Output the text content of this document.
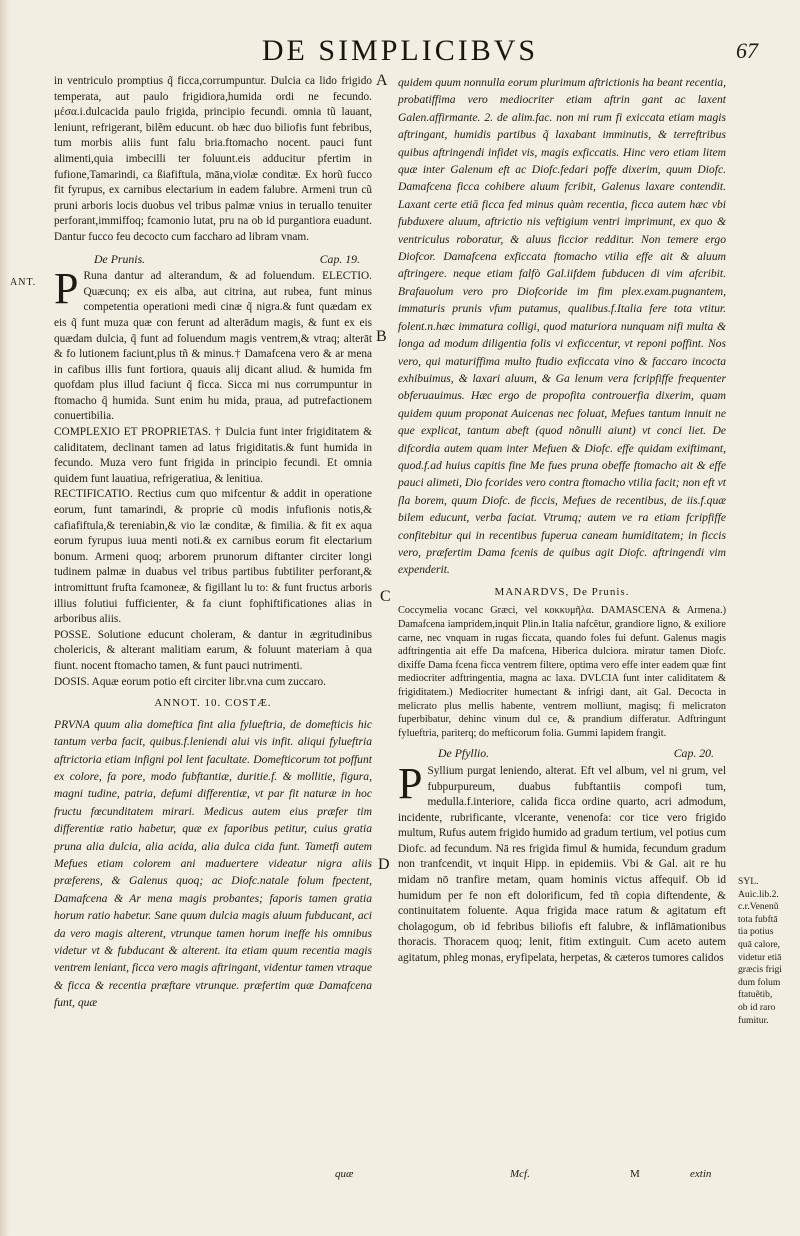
DE SIMPLICIBVS	67
ANT.
A
B
C
D

in ventriculo promptius q̃ ficca,corrumpuntur. Dulcia ca lido frigido temperata, aut paulo frigidiora,humida ordi ne fecundo. μέσα.i.dulcacida paulo frigida, principio fecundi. omnia tũ lauant, leniunt, refrigerant, bilẽm educunt. ob hæc duo biliofis funt febribus, tum morbis aliis funt falu bria.ftomacho nocent. pauci funt alimenti,quia imbecilli ter foluunt.eis adducitur pfertim in fufione,Tamarindi, ca ßiafiftula, māna,violæ conditæ. Ex horũ fucco fit fyrupus, ex carnibus electarium in eadem falubre. Armeni trun cũ pruni arboris locis duobus vel tribus palmæ vnius in teruallo tenuiter perforant,immiffoq; fcamonio lutat, pru na ob id purgantiora euadunt. Dantur fucco feu decocto cum faccharo ad libram vnam.

De Prunis.	Cap. 19.
P Runa dantur ad alterandum, & ad foluendum. ELECTIO. Quæcunq; ex eis alba, aut citrina, aut rubea, funt minus competentia operationi medi cinæ q̃ nigra.& funt quædam ex eis q̃ funt muza quæ con ferunt ad alterādum magis, & funt ex eis quædam dulcia, q̃ funt ad foluendum magis ventrem,& vtraq; alterāt & fo lutionem faciunt,plus tñ & minus.† Damafcena vero & ar mena in cafibus illis funt fortiora, quauis alĳ dicant aliud. & humida fm quofdam plus illud faciunt q̃ ficca. Sicca mi nus corrumpuntur in ftomacho q̃ humida. Sunt enim hu mida, praua, ad putrefactionem conuertibilia.

COMPLEXIO ET PROPRIETAS. † Dulcia funt inter frigiditatem & caliditatem, declinant tamen ad latus frigiditatis.& funt humida in fecundo. Muza vero funt frigida in principio fecundi. Et omnia quidem funt lauatiua, refrigeratiua, & lenitiua.

RECTIFICATIO. Rectius cum quo mifcentur & addit in operatione eorum, funt tamarindi, & proprie cũ modis infufionis notis,& cafiafiftula,& tereniabin,& vio læ conditæ, & fimilia. & fit ex aqua eorum fyrupus iuua menti noti.& ex carnibus eorum fit electarium bonum. Armeni quoq; arborem prunorum diftanter circiter longi tudinem palmæ in duabus vel tribus partibus fubtiliter perforant,& intromittunt frufta fcamoneæ, & figillant lu to: & funt fructus arboris illius folutiui fufficienter, & fa ciunt fophiftificationes alias in arboribus aliis.

POSSE. Solutione educunt choleram, & dantur in ægritudinibus cholericis, & alterant malitiam earum, & foluunt materiam à qua fiunt. nocent ftomacho tamen, & funt pauci nutrimenti.

DOSIS. Aquæ eorum potio eft circiter libr.vna cum zuccaro.

ANNOT. 10. COSTÆ.

PRVNA quum alia domeftica fint alia fylueftria, de domefticis hic tantum verba facit, quibus.f.leniendi alui vis infit. aliqui fylueftria aftrictoria etiam infigni pol lent facultate. Domefticorum tot poffunt ex colore, fa pore, modo fubftantiæ, duritie.f. & mollitie, figura, magni tudine, patria, defumi differentiæ, vt par fit naturæ in hoc fructu fœcunditatem mirari. Medicus autem eius præfer tim differentiæ ratio habetur, quæ ex faporibus petitur, cuius gratia pruna alia dulcia, alia acida, alia dulca cida funt. Tametfi autem Mefues etiam colorem ani maduertere videatur nigra aliis præferens, & Galenus quoq; ac Diofc.natale folum fpectent, Damafcena & Ar mena magis probantes; faporis tamen gratia horum ratio habetur. Sane quum dulcia magis aluum fubducant, aci da vero magis alterent, vtrunque tamen horum ineffe his omnibus videtur vt & fubducant & alterent. ita etiam quum recentia magis ventrem leniant, ficca vero magis aftringant, videntur tamen vtraque & ficca & recentia præftare vtrunque. præfertim quæ Damafcena funt, quæ

quidem quum nonnulla eorum plurimum aftrictionis ha beant recentia, probatiffima vero mediocriter etiam aftrin gant ac laxent Galen.affirmante. 2. de alim.fac. non mi rum fi exiccata etiam magis aftringant, humidis partibus q̃ laxabant imminutis, & terreftribus quibus aftringendi infidet vis, magis exficcatis. Hinc vero etiam litem quæ inter Galenum eft ac Diofc.fedari poffe dixerim, quum Diofc. Damafcena ficca cohibere aluum fcribit, Galenus laxare contendit. Laxant certe etiā ficca fed minus quàm recentia, ficca autem hæc vbi fubduxere aluum, aftrictio nis veftigium ventri imprimunt, ex quo & ventriculus roboratur, & aluus ficcior redditur. Non temere ergo Diofcor. Damafcena exficcata ftomacho vtilia effe ait & aluum aftringere. neque etiam falfò Gal.iifdem fubducen di vim afcribit. Brafauolum vero pro Diofcoride im fim plex.exam.pugnantem, immaturis prunis vfum putamus, qualibus.f.Italia fere tota vtitur. folent.n.hæc immatura colligi, quod maturiora nunquam nifi multa & longa ad modum diligentia folis vi exficcentur, vt reponi poffint. Nos vero, qui maturiffima multo ftudio exficcata vino & faccaro incocta exhibuimus, & laxari aluum, & Ga lenum vera fcripfiffe frequenter obferuauimus. Hæc ergo de propofita controuerfia dixerim, quam quidem quum proponat Auicenas nec foluat, Mefues tantum innuit ne que explicat, tantum abeft (quod nõnulli aiunt) vt conci liet. De difcordia autem quam inter Mefuen & Diofc. effe quidam exiftimant, quod.f.ad huius capitis fine Me fues pruna obeffe ftomacho ait & effe pauci alimeti, Dio fcorides vero contra ftomacho vtilia facit; non eft vt ſla borem, quum Diofc. de ficcis, Mefues de recentibus, de iis.f.quæ bilem educunt, verba faciat. Vtrumq; autem ve ra etiam fcripfiffe confitebitur qui in recentibus fuperua caneam humiditatem; in ficcis vero, præfertim Dama fcenis de quibus agit Diofc. aftringendi vim expenderit.

MANARDVS, De Prunis.

Coccymelia vocanc Græci, vel κοκκυμῆλα. DAMASCENA & Armena.) Damafcena iampridem,inquit Plin.in Italia nafcẽtur, grandiore ligno, & exiliore carne, nec vnquam in rugas ficcata, quando foles fui defunt. Galenus magis adftringentia ait effe Da mafcena, Hiberica dulciora. miratur tamen Diofc. dixiffe Dama fcena ficca ventrem filtere, optima vero effe inter eadem quæ fint mediocriter adftringentia, magna ac laxa. DVLCIA funt inter caliditatem & frigiditatem.) Mediocriter humectant & infrigi dant, ait Gal. Decocta in melicrato plus mellis habente, ventrem molliunt, magisq; fi melicraton fuperbibatur, dehinc vinum dul ce, & prandium differatur. Adftringunt fylueftria, pariterq; do mefticorum folia. Gummi lapidem frangit.

De Pfyllio.	Cap. 20.
P Syllium purgat leniendo, alterat. Eft vel album, vel ni grum, vel fubpurpureum, duabus fubftantiis compofi tum, medulla.f.interiore, calida ficca ordine quarto, acri admodum, incidente, rubrificante, vlcerante, venenofa: cor tice vero frigido multum, Rufus autem frigido humido ad gradum tertium, vel potius cum Diofc. ad fecundum. Nā res frigida fimul & humida, fecundum gradum non tranfcendit, vt inquit Hipp. in epidemiis. Vbi & Gal. ait re hu midam nō tranfire metam, quam hominis victus affequif. Ob id humidum per fe non eft dolorificum, fed tñ copia diftendente, & continuitatem foluente. Aqua frigida mace ratum & agitatum eft cholagogum, ob id febribus biliofis eft falubre, & inflāmationibus thoracis. Thoracem quoq; lenit, fitim extinguit. Cum aceto autem agitatum, phleg monas, eryfipelata, herpetas, & cæteros tumores calidos

SYL.
Auic.lib.2.
c.r.Venenũ
tota fubftā
tia potius
quā calore,
videtur etiā
græcis frigi
dum folum
ftatuẽtib,
ob id raro
fumitur.
quæ	Mcf.	M	extin
